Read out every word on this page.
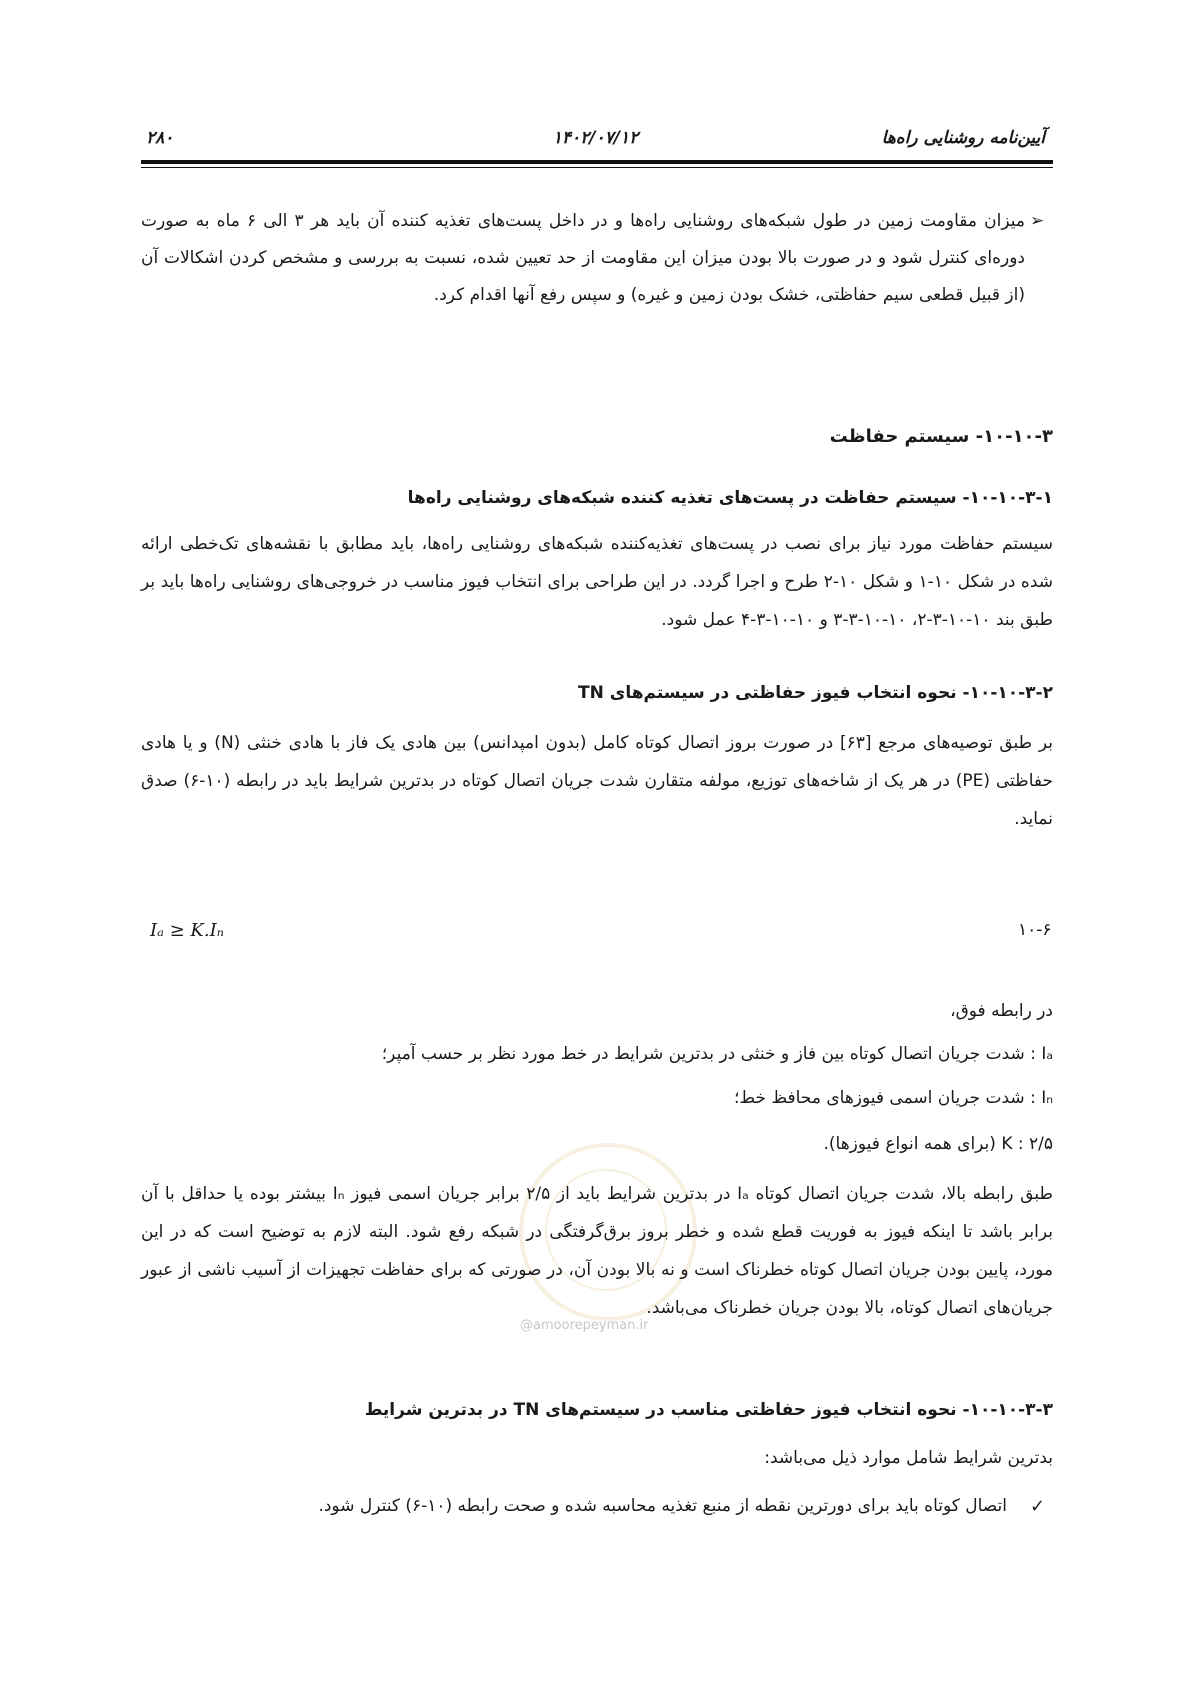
آیین‌نامه روشنایی راه‌ها
۱۴۰۲/۰۷/۱۲
۲۸۰
➢
میزان مقاومت زمین در طول شبکه‌های روشنایی راه‌ها و در داخل پست‌های تغذیه کننده آن باید هر ۳ الی ۶ ماه به صورت دوره‌ای کنترل شود و در صورت بالا بودن میزان این مقاومت از حد تعیین شده، نسبت به بررسی و مشخص کردن اشکالات آن (از قبیل قطعی سیم حفاظتی، خشک بودن زمین و غیره) و سپس رفع آنها اقدام کرد.
۱۰-۱۰-۳- سیستم حفاظت
۱۰-۱۰-۳-۱- سیستم حفاظت در پست‌های تغذیه کننده شبکه‌های روشنایی راه‌ها
سیستم حفاظت مورد نیاز برای نصب در پست‌های تغذیه‌کننده شبکه‌های روشنایی راه‌ها، باید مطابق با نقشه‌های تک‌خطی ارائه شده در شکل ۱۰-۱ و شکل ۱۰-۲ طرح و اجرا گردد. در این طراحی برای انتخاب فیوز مناسب در خروجی‌های روشنایی راه‌ها باید بر طبق بند ۱۰-۱۰-۳-۲، ۱۰-۱۰-۳-۳ و ۱۰-۱۰-۳-۴ عمل شود.
۱۰-۱۰-۳-۲- نحوه انتخاب فیوز حفاظتی در سیستم‌های TN
بر طبق توصیه‌های مرجع [۶۳] در صورت بروز اتصال کوتاه کامل (بدون امپدانس) بین هادی یک فاز با هادی خنثی (N) و یا هادی حفاظتی (PE) در هر یک از شاخه‌های توزیع، مولفه متقارن شدت جریان اتصال کوتاه در بدترین شرایط باید در رابطه (۱۰-۶) صدق نماید.
Iₐ ≥ K.Iₙ	۱۰-۶
در رابطه فوق،
Iₐ : شدت جریان اتصال کوتاه بین فاز و خنثی در بدترین شرایط در خط مورد نظر بر حسب آمپر؛
Iₙ : شدت جریان اسمی فیوزهای محافظ خط؛
K : ۲/۵ (برای همه انواع فیوزها).
@amoorepeyman.ir
طبق رابطه بالا، شدت جریان اتصال کوتاه Iₐ در بدترین شرایط باید از ۲/۵ برابر جریان اسمی فیوز Iₙ بیشتر بوده یا حداقل با آن برابر باشد تا اینکه فیوز به فوریت قطع شده و خطر بروز برق‌گرفتگی در شبکه رفع شود. البته لازم به توضیح است که در این مورد، پایین بودن جریان اتصال کوتاه خطرناک است و نه بالا بودن آن، در صورتی که برای حفاظت تجهیزات از آسیب ناشی از عبور جریان‌های اتصال کوتاه، بالا بودن جریان خطرناک می‌باشد.
۱۰-۱۰-۳-۳- نحوه انتخاب فیوز حفاظتی مناسب در سیستم‌های TN در بدترین شرایط
بدترین شرایط شامل موارد ذیل می‌باشد:
✓
اتصال کوتاه باید برای دورترین نقطه از منبع تغذیه محاسبه شده و صحت رابطه (۱۰-۶) کنترل شود.
